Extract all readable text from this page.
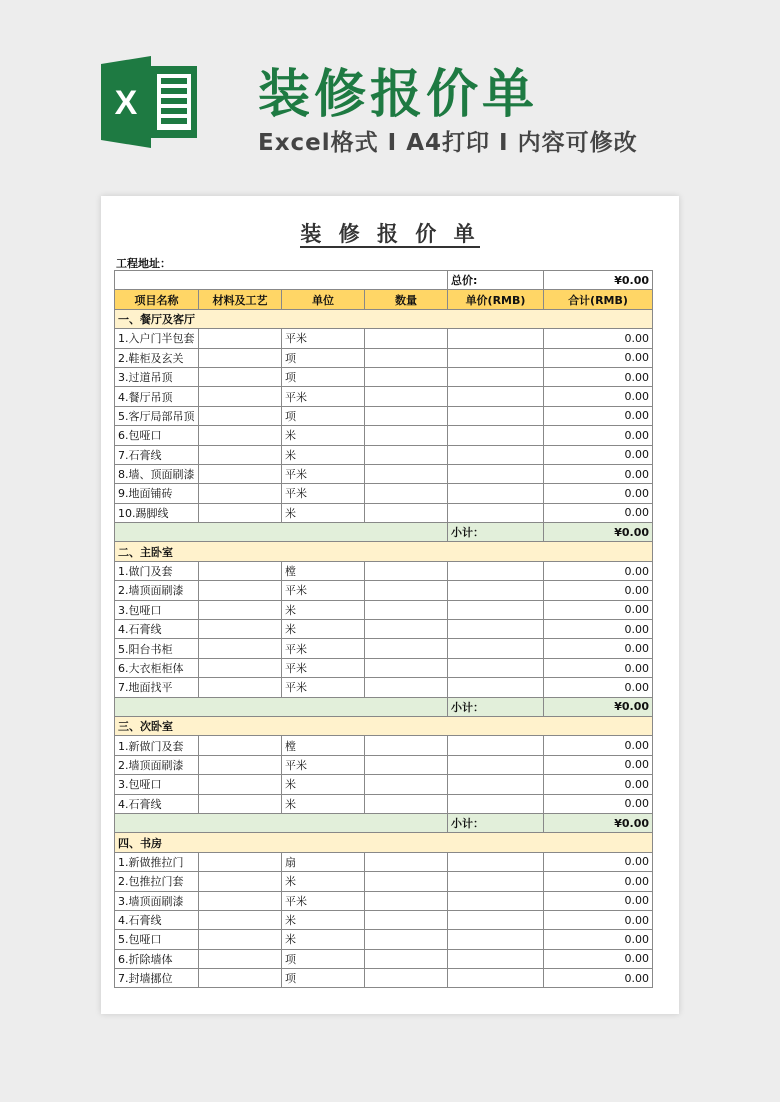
X 装修报价单
Excel格式 I A4打印 I 内容可修改
装 修 报 价 单
工程地址：
				总价:	¥0.00
项目名称	材料及工艺	单位	数量	单价(RMB)	合计(RMB)
一、餐厅及客厅					
1.入户门半包套		平米			0.00
2.鞋柜及玄关		项			0.00
3.过道吊顶		项			0.00
4.餐厅吊顶		平米			0.00
5.客厅局部吊顶		项			0.00
6.包哑口		米			0.00
7.石膏线		米			0.00
8.墙、顶面刷漆		平米			0.00
9.地面铺砖		平米			0.00
10.踢脚线		米			0.00
				小计：	¥0.00
二、主卧室					
1.做门及套		樘			0.00
2.墙顶面刷漆		平米			0.00
3.包哑口		米			0.00
4.石膏线		米			0.00
5.阳台书柜		平米			0.00
6.大衣柜柜体		平米			0.00
7.地面找平		平米			0.00
				小计：	¥0.00
三、次卧室					
1.新做门及套		樘			0.00
2.墙顶面刷漆		平米			0.00
3.包哑口		米			0.00
4.石膏线		米			0.00
				小计：	¥0.00
四、书房					
1.新做推拉门		扇			0.00
2.包推拉门套		米			0.00
3.墙顶面刷漆		平米			0.00
4.石膏线		米			0.00
5.包哑口		米			0.00
6.折除墙体		项			0.00
7.封墙挪位		项			0.00
